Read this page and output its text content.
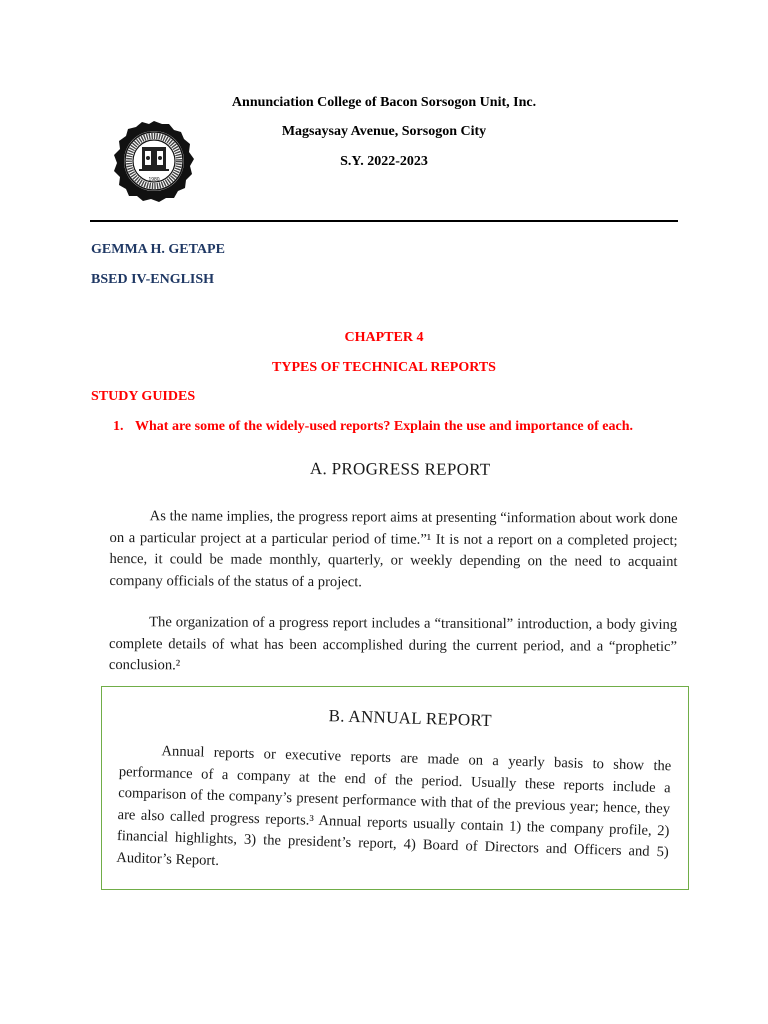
Annunciation College of Bacon Sorsogon Unit, Inc.
Magsaysay Avenue, Sorsogon City
S.Y. 2022-2023
1980
GEMMA H. GETAPE
BSED IV-ENGLISH
CHAPTER 4
TYPES OF TECHNICAL REPORTS
STUDY GUIDES
1. What are some of the widely-used reports? Explain the use and importance of each.
A. PROGRESS REPORT
As the name implies, the progress report aims at presenting “information about work done on a particular project at a particular period of time.”¹ It is not a report on a completed project; hence, it could be made monthly, quarterly, or weekly depending on the need to acquaint company officials of the status of a project.
The organization of a progress report includes a “transitional” introduction, a body giving complete details of what has been accomplished during the current period, and a “prophetic” conclusion.²
B. ANNUAL REPORT
Annual reports or executive reports are made on a yearly basis to show the performance of a company at the end of the period. Usually these reports include a comparison of the company’s present performance with that of the previous year; hence, they are also called progress reports.³ Annual reports usually contain 1) the company profile, 2) financial highlights, 3) the president’s report, 4) Board of Directors and Officers and 5) Auditor’s Report.
